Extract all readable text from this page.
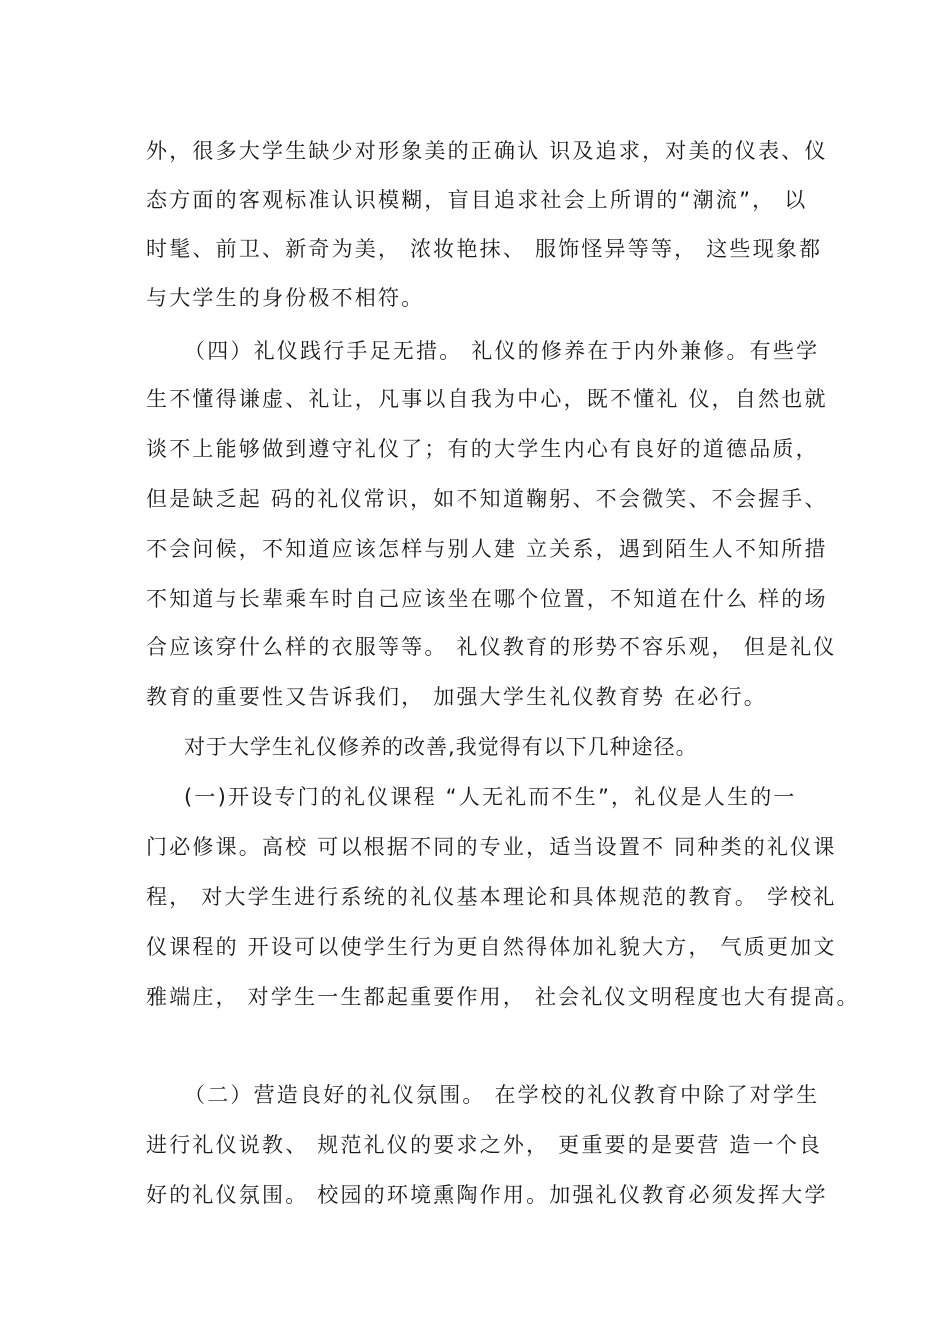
外，很多大学生缺少对形象美的正确认 识及追求，对美的仪表、仪
态方面的客观标准认识模糊，盲目追求社会上所谓的“潮流”， 以
时髦、前卫、新奇为美， 浓妆艳抹、 服饰怪异等等， 这些现象都
与大学生的身份极不相符。
（四）礼仪践行手足无措。 礼仪的修养在于内外兼修。有些学
生不懂得谦虚、礼让，凡事以自我为中心，既不懂礼 仪，自然也就
谈不上能够做到遵守礼仪了；有的大学生内心有良好的道德品质，
但是缺乏起 码的礼仪常识，如不知道鞠躬、不会微笑、不会握手、
不会问候，不知道应该怎样与别人建 立关系，遇到陌生人不知所措
不知道与长辈乘车时自己应该坐在哪个位置，不知道在什么 样的场
合应该穿什么样的衣服等等。 礼仪教育的形势不容乐观， 但是礼仪
教育的重要性又告诉我们， 加强大学生礼仪教育势 在必行。
对于大学生礼仪修养的改善,我觉得有以下几种途径。
(一)开设专门的礼仪课程 “人无礼而不生”，礼仪是人生的一
门必修课。高校 可以根据不同的专业，适当设置不 同种类的礼仪课
程， 对大学生进行系统的礼仪基本理论和具体规范的教育。 学校礼
仪课程的 开设可以使学生行为更自然得体加礼貌大方， 气质更加文
雅端庄， 对学生一生都起重要作用， 社会礼仪文明程度也大有提高。
（二）营造良好的礼仪氛围。 在学校的礼仪教育中除了对学生
进行礼仪说教、 规范礼仪的要求之外， 更重要的是要营 造一个良
好的礼仪氛围。 校园的环境熏陶作用。加强礼仪教育必须发挥大学
